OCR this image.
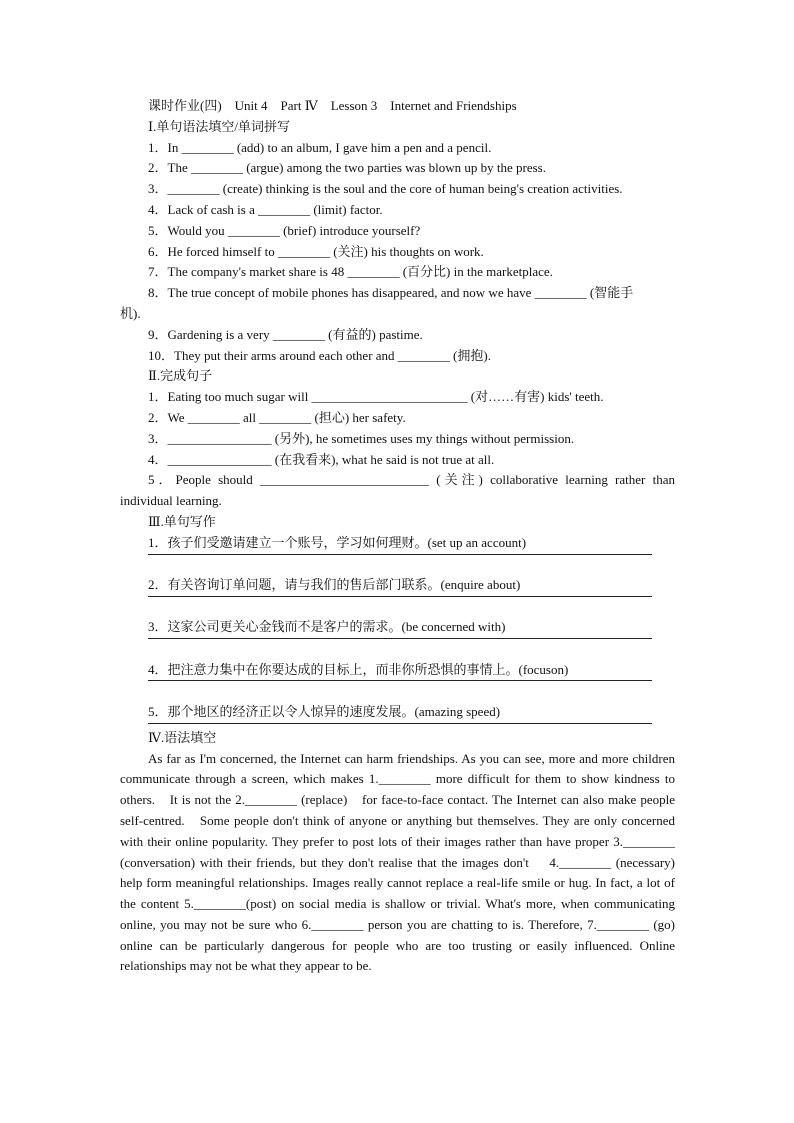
课时作业(四)　Unit 4　Part Ⅳ　Lesson 3　Internet and Friendships
Ⅰ.单句语法填空/单词拼写
1．In ________ (add) to an album, I gave him a pen and a pencil.
2．The ________ (argue) among the two parties was blown up by the press.
3．________ (create) thinking is the soul and the core of human being's creation activities.
4．Lack of cash is a ________ (limit) factor.
5．Would you ________ (brief) introduce yourself?
6．He forced himself to ________ (关注) his thoughts on work.
7．The company's market share is 48 ________ (百分比) in the marketplace.
8．The true concept of mobile phones has disappeared, and now we have ________ (智能手
机).
9．Gardening is a very ________ (有益的) pastime.
10．They put their arms around each other and ________ (拥抱).
Ⅱ.完成句子
1．Eating too much sugar will ________________________ (对……有害) kids' teeth.
2．We ________ all ________ (担心) her safety.
3．________________ (另外), he sometimes uses my things without permission.
4．________________ (在我看来), what he said is not true at all.

5．People should __________________________ (关注) collaborative learning rather than individual learning.

Ⅲ.单句写作
1．孩子们受邀请建立一个账号，学习如何理财。(set up an account)
2．有关咨询订单问题，请与我们的售后部门联系。(enquire about)
3．这家公司更关心金钱而不是客户的需求。(be concerned with)
4．把注意力集中在你要达成的目标上，而非你所恐惧的事情上。(focuson)
5．那个地区的经济正以令人惊异的速度发展。(amazing speed)
Ⅳ.语法填空

As far as I'm concerned, the Internet can harm friendships. As you can see, more and more children communicate through a screen, which makes 1.________ more difficult for them to show kindness to others.　It is not the 2.________ (replace)　for face-to-face contact. The Internet can also make people self-centred.　Some people don't think of anyone or anything but themselves. They are only concerned with their online popularity. They prefer to post lots of their images rather than have proper 3.________ (conversation) with their friends, but they don't realise that the images don't　 4.________ (necessary) help form meaningful relationships. Images really cannot replace a real-life smile or hug. In fact, a lot of the content 5.________(post) on social media is shallow or trivial. What's more, when communicating online, you may not be sure who 6.________ person you are chatting to is. Therefore, 7.________ (go) online can be particularly dangerous for people who are too trusting or easily influenced. Online relationships may not be what they appear to be.
